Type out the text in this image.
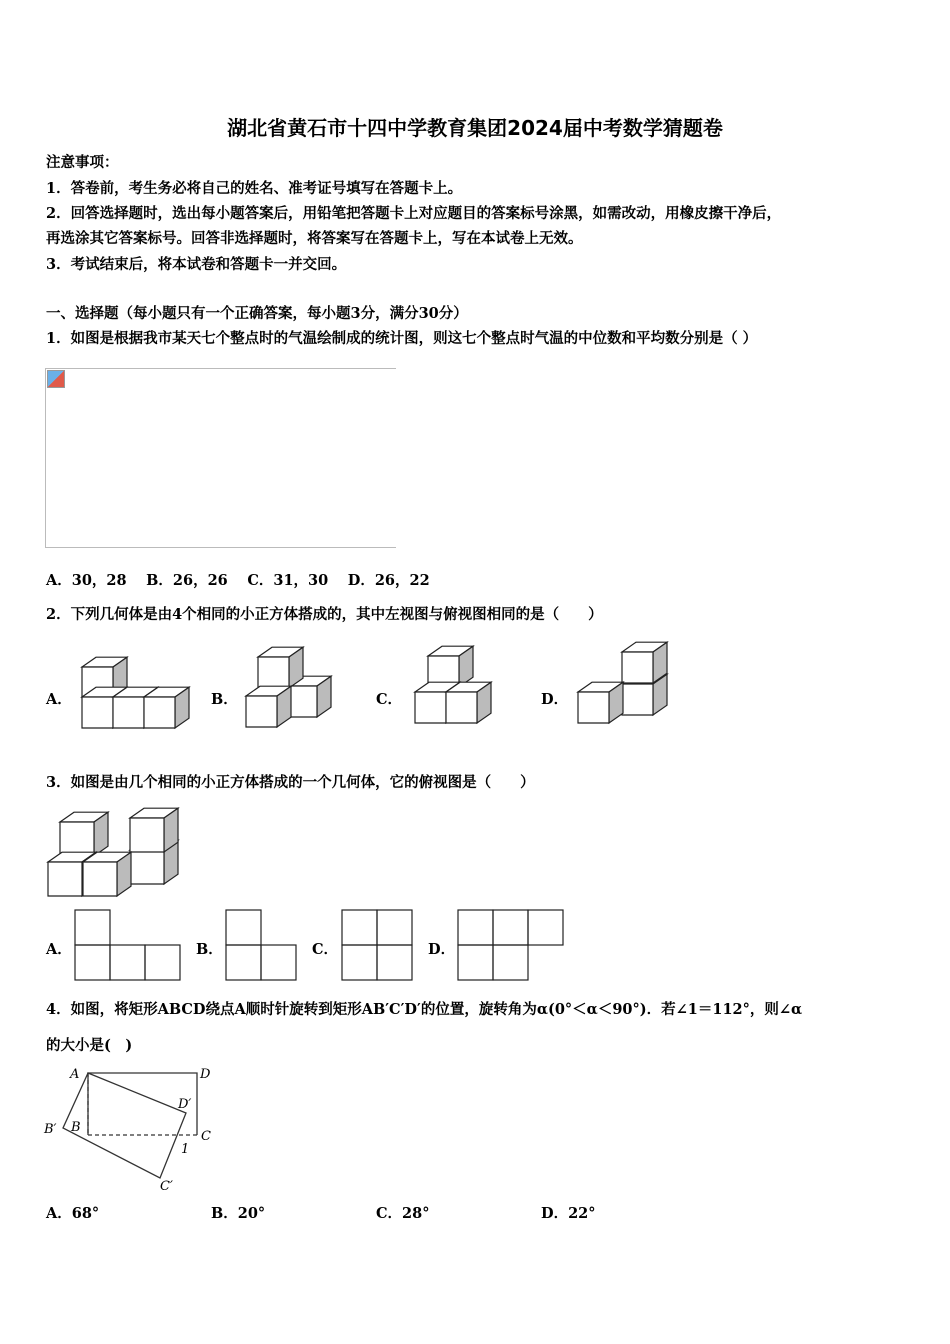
湖北省黄石市十四中学教育集团2024届中考数学猜题卷
注意事项：
1．答卷前，考生务必将自己的姓名、准考证号填写在答题卡上。
2．回答选择题时，选出每小题答案后，用铅笔把答题卡上对应题目的答案标号涂黑，如需改动，用橡皮擦干净后，
再选涂其它答案标号。回答非选择题时，将答案写在答题卡上，写在本试卷上无效。
3．考试结束后，将本试卷和答题卡一并交回。
一、选择题（每小题只有一个正确答案，每小题3分，满分30分）
1．如图是根据我市某天七个整点时的气温绘制成的统计图，则这七个整点时气温的中位数和平均数分别是（ ）
A．30，28　 B．26，26　 C．31，30　 D．26，22
2．下列几何体是由4个相同的小正方体搭成的，其中左视图与俯视图相同的是（　　）
A．	B．	C．	D．
3．如图是由几个相同的小正方体搭成的一个几何体，它的俯视图是（　　）
A．	B．	C．	D．
4．如图，将矩形ABCD绕点A顺时针旋转到矩形AB′C′D′的位置，旋转角为α(0°＜α＜90°)．若∠1＝112°，则∠α
的大小是(　)
A．68°	B．20°	C．28°	D．22°
A	D
D′
B′ B
C
1
C′
